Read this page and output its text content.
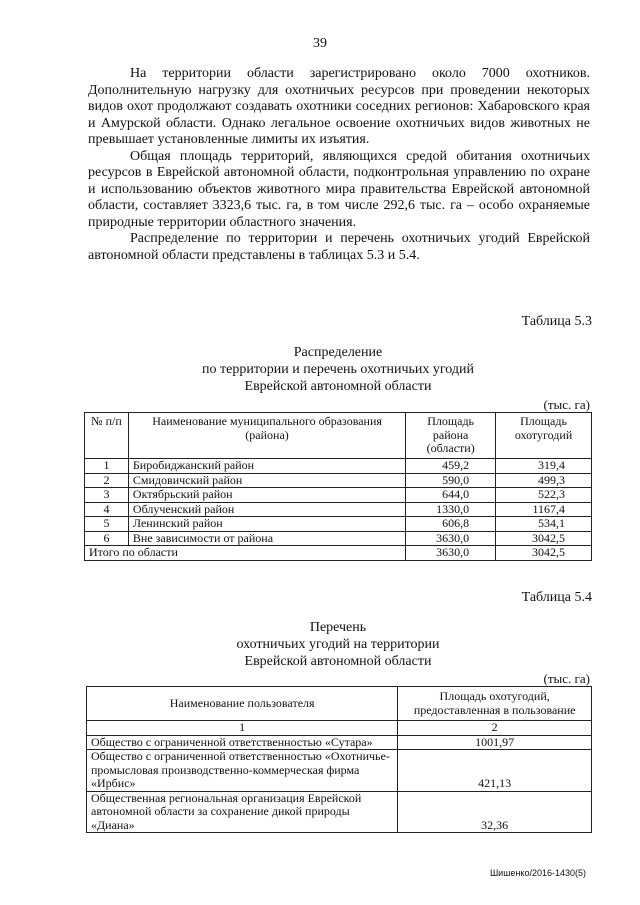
39

На территории области зарегистрировано около 7000 охотников. Дополнительную нагрузку для охотничьих ресурсов при проведении некоторых видов охот продолжают создавать охотники соседних регионов: Хабаровского края и Амурской области. Однако легальное освоение охотничьих видов животных не превышает установленные лимиты их изъятия.

Общая площадь территорий, являющихся средой обитания охотничьих ресурсов в Еврейской автономной области, подконтрольная управлению по охране и использованию объектов животного мира правительства Еврейской автономной области, составляет 3323,6 тыс. га, в том числе 292,6 тыс. га – особо охраняемые природные территории областного значения.

Распределение по территории и перечень охотничьих угодий Еврейской автономной области представлены в таблицах 5.3 и 5.4.

Таблица 5.3
Распределение
по территории и перечень охотничьих угодий
Еврейской автономной области
(тыс. га)
№ п/п	Наименование муниципального образования (района)	Площадь района (области)	Площадь охотугодий
1	Биробиджанский район	459,2	319,4
2	Смидовичский район	590,0	499,3
3	Октябрьский район	644,0	522,3
4	Облученский район	1330,0	1167,4
5	Ленинский район	606,8	534,1
6	Вне зависимости от района	3630,0	3042,5
Итого по области		3630,0	3042,5
Таблица 5.4
Перечень
охотничьих угодий на территории
Еврейской автономной области
(тыс. га)
Наименование пользователя	Площадь охотугодий, предоставленная в пользование
1	2
Общество с ограниченной ответственностью «Сутара»	1001,97
Общество с ограниченной ответственностью «Охотничье-промысловая производственно-коммерческая фирма «Ирбис»	421,13
Общественная региональная организация Еврейской автономной области за сохранение дикой природы «Диана»	32,36
Шишенко/2016-1430(5)
